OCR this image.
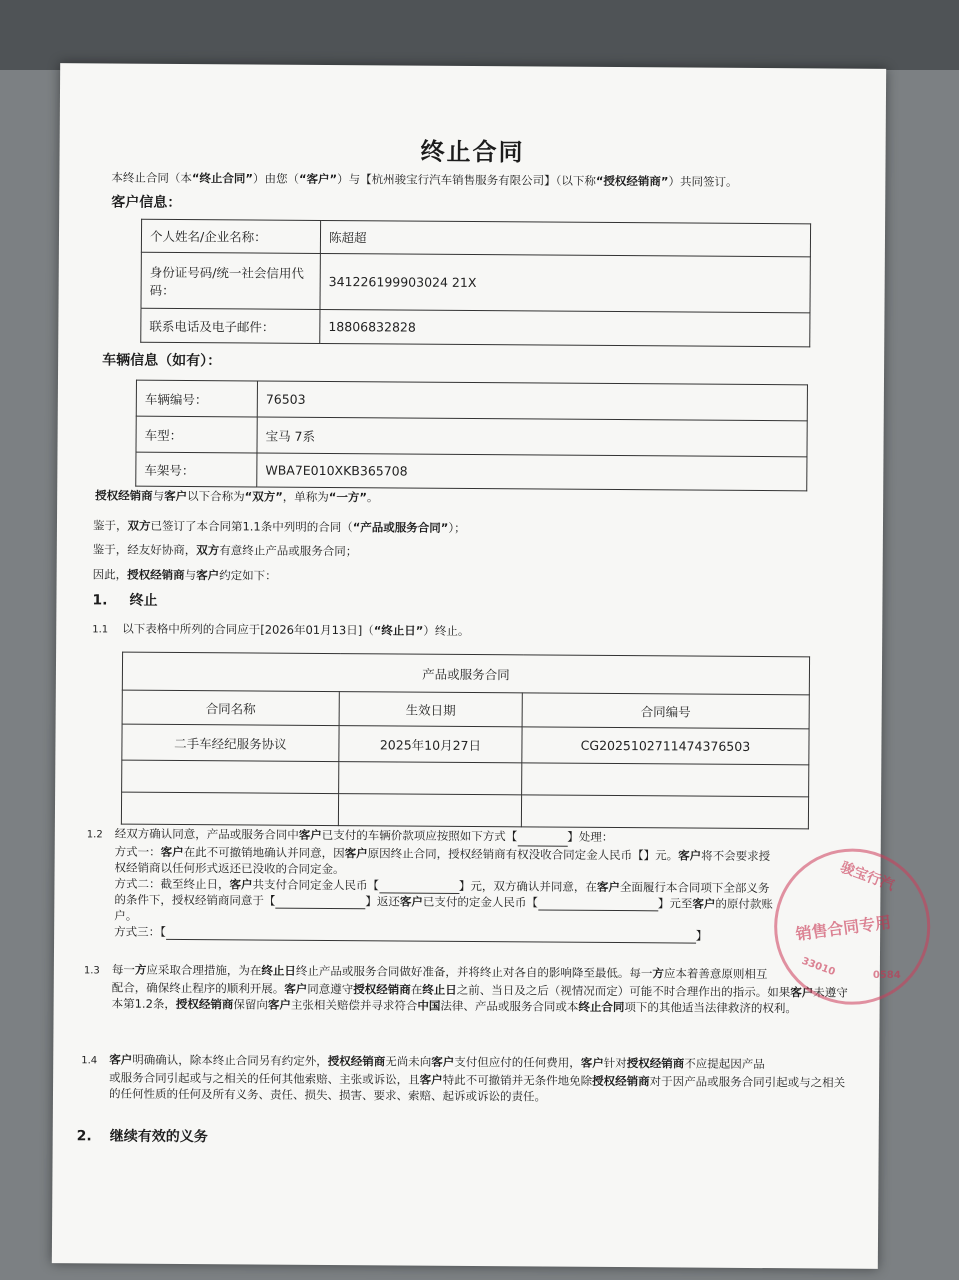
终止合同
本终止合同（本“终止合同”）由您（“客户”）与【杭州骏宝行汽车销售服务有限公司】（以下称“授权经销商”）共同签订。
客户信息：
个人姓名/企业名称：	陈超超
身份证号码/统一社会信用代码：	341226199903024 21X
联系电话及电子邮件：	18806832828
车辆信息（如有）：
车辆编号：	76503
车型：	宝马 7系
车架号：	WBA7E010XKB365708
授权经销商与客户以下合称为“双方”，单称为“一方”。
鉴于，双方已签订了本合同第1.1条中列明的合同（“产品或服务合同”）；
鉴于，经友好协商，双方有意终止产品或服务合同；
因此，授权经销商与客户约定如下：
1. 终止
1.1 以下表格中所列的合同应于[2026年01月13日]（“终止日”）终止。
产品或服务合同		
合同名称	生效日期	合同编号
二手车经纪服务协议	2025年10月27日	CG2025102711474376503

1.2 经双方确认同意，产品或服务合同中客户已支付的车辆价款项应按照如下方式【	】处理：
方式一：客户在此不可撤销地确认并同意，因客户原因终止合同，授权经销商有权没收合同定金人民币【】元。客户将不会要求授
权经销商以任何形式返还已没收的合同定金。
方式二：截至终止日，客户共支付合同定金人民币【	】元，双方确认并同意，在客户全面履行本合同项下全部义务
的条件下，授权经销商同意于【	】返还客户已支付的定金人民币【	】元至客户的原付款账
户。
方式三：【	】
1.3 每一方应采取合理措施，为在终止日终止产品或服务合同做好准备，并将终止对各自的影响降至最低。每一方应本着善意原则相互
配合，确保终止程序的顺利开展。客户同意遵守授权经销商在终止日之前、当日及之后（视情况而定）可能不时合理作出的指示。如果客户未遵守本第1.2条，授权经销商保留向客户主张相关赔偿并寻求符合中国法律、产品或服务合同或本终止合同项下的其他适当法律救济的权利。
1.4 客户明确确认，除本终止合同另有约定外，授权经销商无尚未向客户支付但应付的任何费用，客户针对授权经销商不应提起因产品
或服务合同引起或与之相关的任何其他索赔、主张或诉讼，且客户特此不可撤销并无条件地免除授权经销商对于因产品或服务合同引起或与之相关的任何性质的任何及所有义务、责任、损失、损害、要求、索赔、起诉或诉讼的责任。
2. 继续有效的义务
骏宝行汽
销售合同专用
33010	0584
